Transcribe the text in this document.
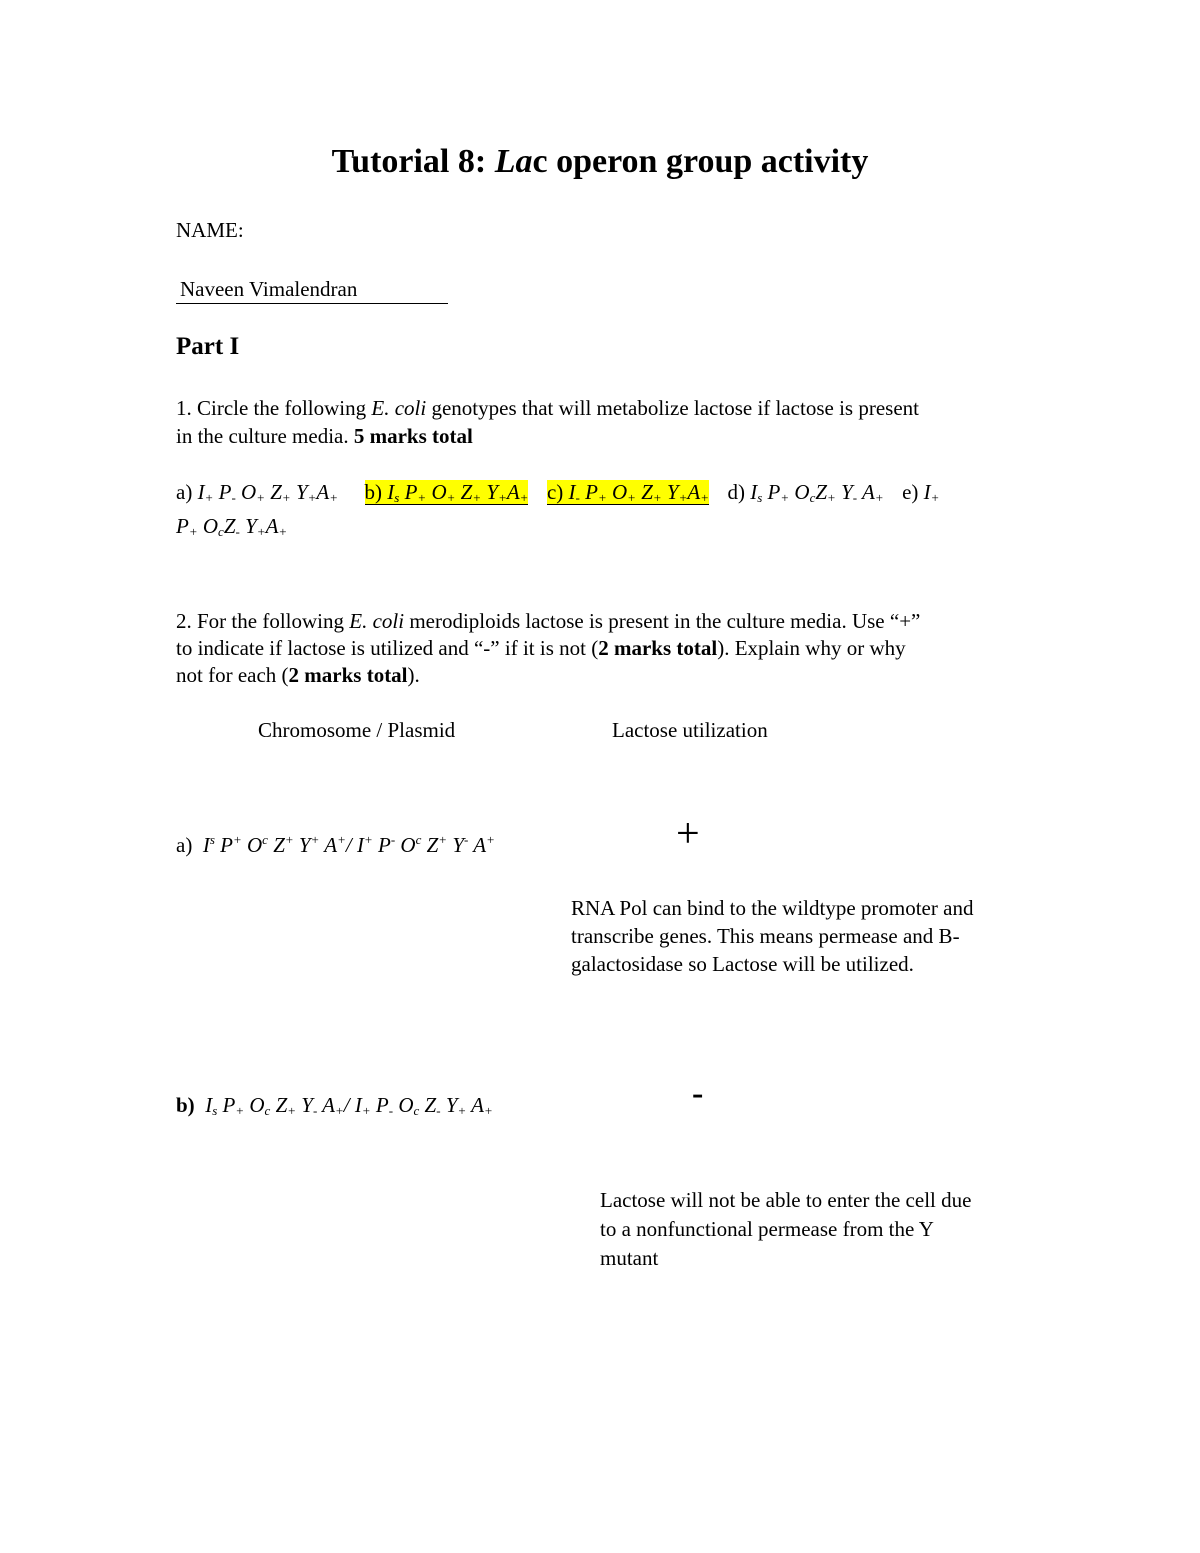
Tutorial 8: Lac operon group activity
NAME:
Naveen Vimalendran
Part I
1. Circle the following E. coli genotypes that will metabolize lactose if lactose is present
in the culture media. 5 marks total
a) $I_+$ $P_-$ $O_+$ $Z_+$ $Y_+A_+$ b) $I_s$ $P_+$ $O_+$ $Z_+$ $Y_+A_+$ c) $I_-$ $P_+$ $O_+$ $Z_+$ $Y_+A_+$ d) $I_s$ $P_+$ $O_cZ_+$ $Y_-$ $A_+$ e) $I_+$
$P_+$ $O_cZ_-$ $Y_+A_+$
2. For the following E. coli merodiploids lactose is present in the culture media. Use “+”
to indicate if lactose is utilized and “-” if it is not (2 marks total). Explain why or why
not for each (2 marks total).
Chromosome / Plasmid	Lactose utilization
a) $I^s$ P+ $O^c$ Z+ Y+ A+/ I+ P- $O^c$ Z+ Y- A+	+
RNA Pol can bind to the wildtype promoter and
transcribe genes. This means permease and B-
galactosidase so Lactose will be utilized.
b) $I_s$ $P_+$ $O_c$ $Z_+$ $Y_-$ $A_+/$ $I_+$ $P_-$ $O_c$ $Z_-$ $Y_+$ $A_+$	-
Lactose will not be able to enter the cell due
to a nonfunctional permease from the Y
mutant
